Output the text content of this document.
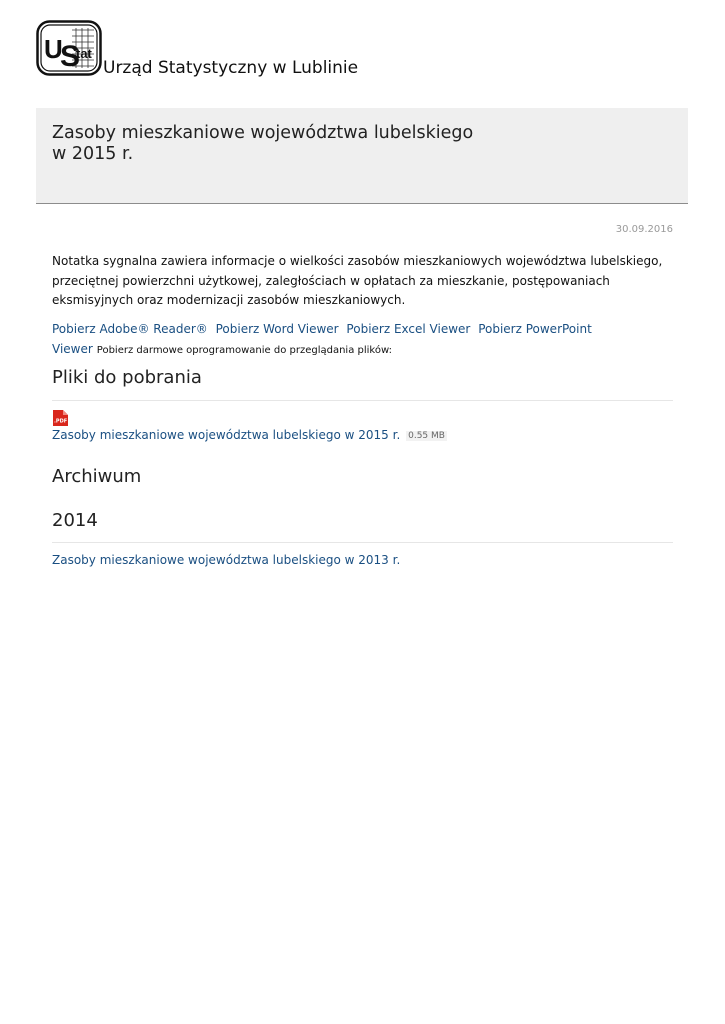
U
S
tat
Urząd Statystyczny w Lublinie
Zasoby mieszkaniowe województwa lubelskiego w 2015 r.
30.09.2016
Notatka sygnalna zawiera informacje o wielkości zasobów mieszkaniowych województwa lubelskiego, przeciętnej powierzchni użytkowej, zaległościach w opłatach za mieszkanie, postępowaniach eksmisyjnych oraz modernizacji zasobów mieszkaniowych.
Pobierz Adobe® Reader® Pobierz Word Viewer Pobierz Excel Viewer Pobierz PowerPoint Viewer Pobierz darmowe oprogramowanie do przeglądania plików:
Pliki do pobrania
.PDF
Zasoby mieszkaniowe województwa lubelskiego w 2015 r. 0.55 MB
Archiwum
2014
Zasoby mieszkaniowe województwa lubelskiego w 2013 r.
